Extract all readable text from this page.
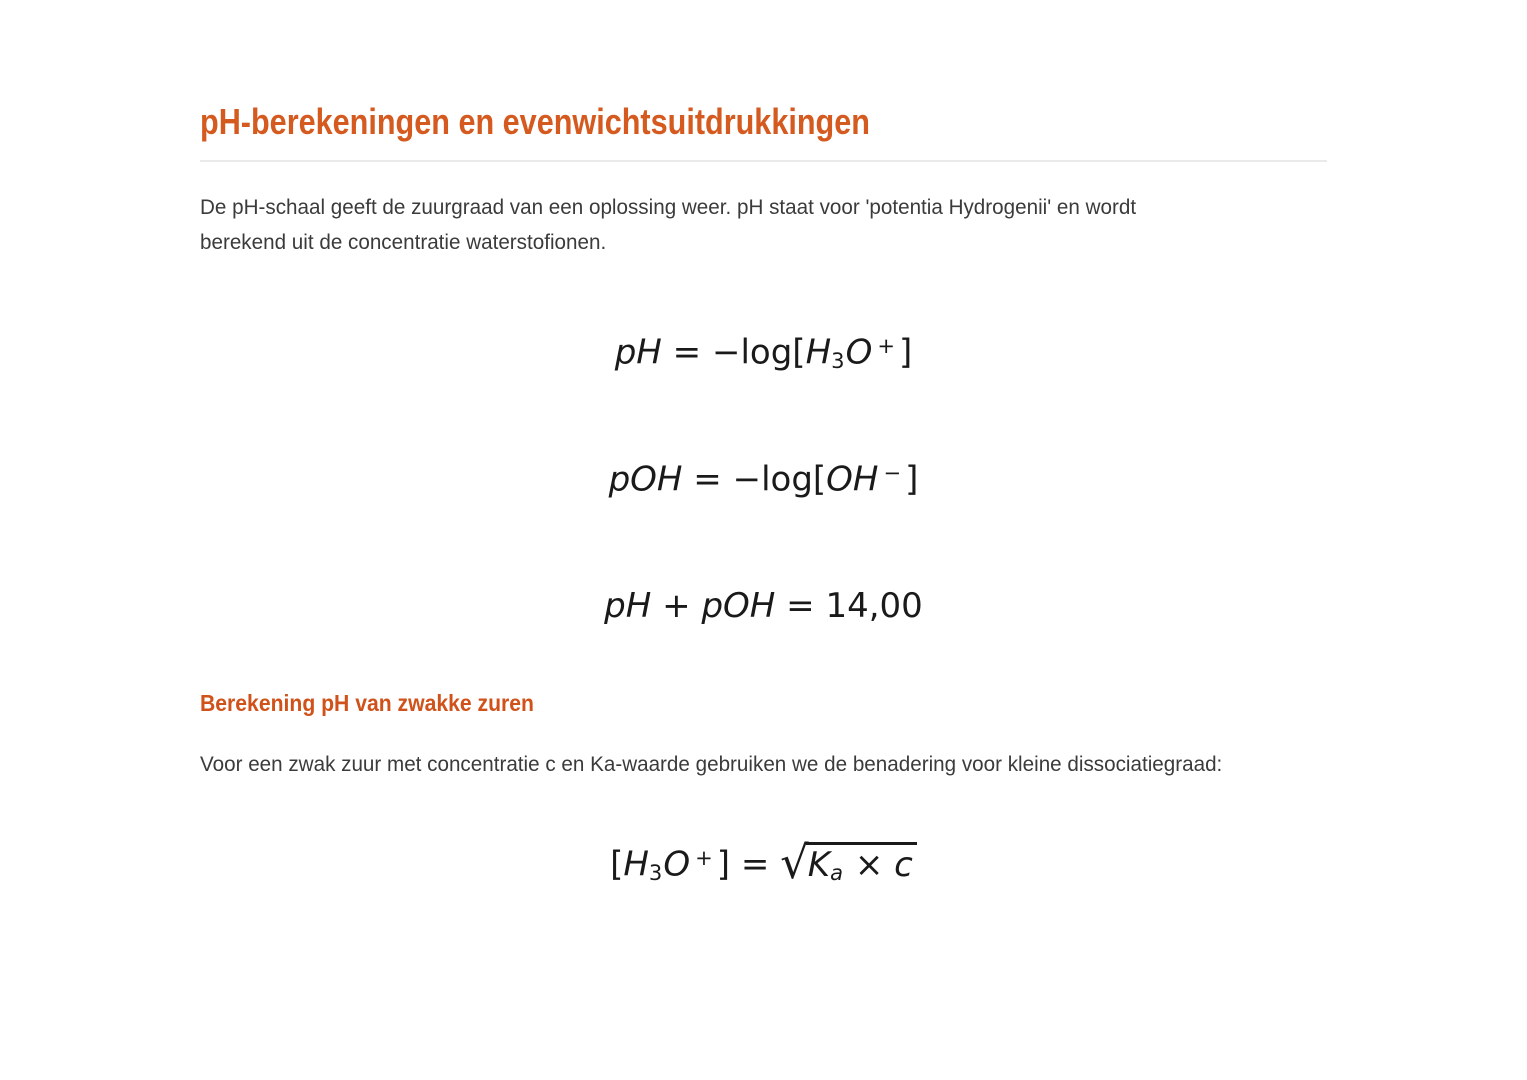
pH-berekeningen en evenwichtsuitdrukkingen
De pH-schaal geeft de zuurgraad van een oplossing weer. pH staat voor 'potentia Hydrogenii' en wordt
berekend uit de concentratie waterstofionen.
pH = −log[H3O + ]
pOH = −log[OH − ]
pH + pOH = 14,00
Berekening pH van zwakke zuren
Voor een zwak zuur met concentratie c en Ka-waarde gebruiken we de benadering voor kleine dissociatiegraad:
[H3O + ] = √Ka × c
